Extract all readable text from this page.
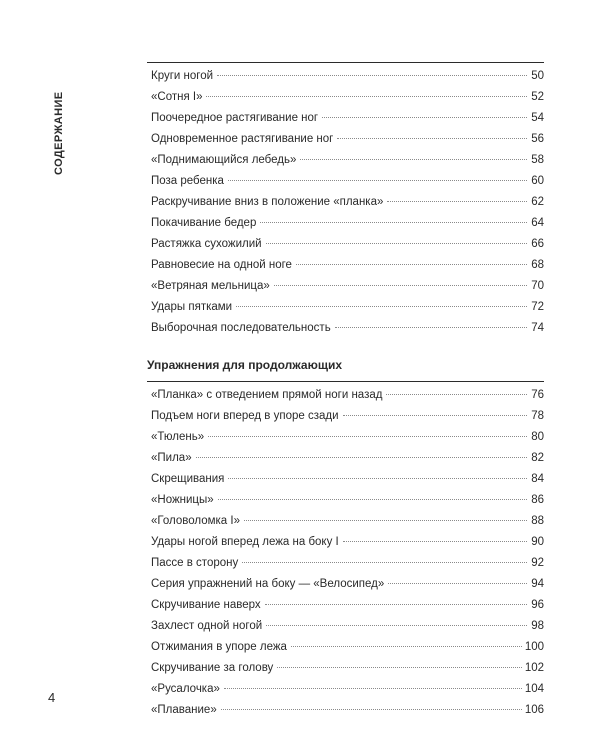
СОДЕРЖАНИЕ
Круги ногой	50
«Сотня I»	52
Поочередное растягивание ног	54
Одновременное растягивание ног	56
«Поднимающийся лебедь»	58
Поза ребенка	60
Раскручивание вниз в положение «планка»	62
Покачивание бедер	64
Растяжка сухожилий	66
Равновесие на одной ноге	68
«Ветряная мельница»	70
Удары пятками	72
Выборочная последовательность	74
Упражнения для продолжающих
«Планка» с отведением прямой ноги назад	76
Подъем ноги вперед в упоре сзади	78
«Тюлень»	80
«Пила»	82
Скрещивания	84
«Ножницы»	86
«Головоломка I»	88
Удары ногой вперед лежа на боку I	90
Пассе в сторону	92
Серия упражнений на боку — «Велосипед»	94
Скручивание наверх	96
Захлест одной ногой	98
Отжимания в упоре лежа	100
Скручивание за голову	102
«Русалочка»	104
«Плавание»	106
4
